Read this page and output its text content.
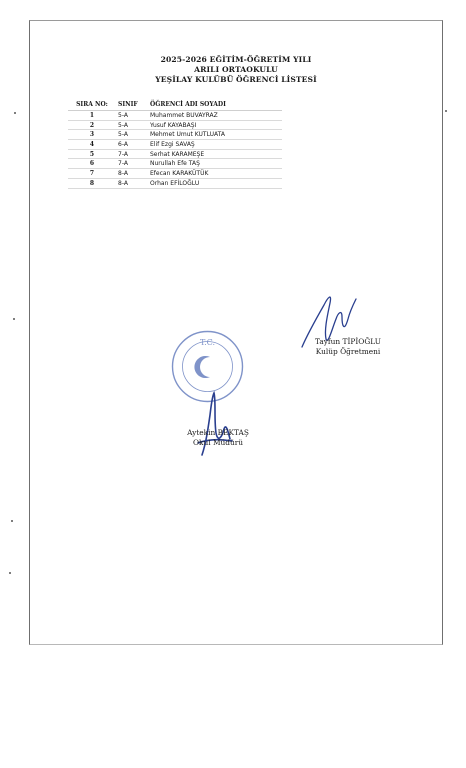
2025-2026 EĞİTİM-ÖĞRETİM YILI
ARILI ORTAOKULU
YEŞİLAY KULÜBÜ ÖĞRENCİ LİSTESİ
SIRA NO:	SINIF	ÖĞRENCİ ADI SOYADI
1	5-A	Muhammet BUVAYRAZ
2	5-A	Yusuf KAYABAŞI
3	5-A	Mehmet Umut KUTLUATA
4	6-A	Elif Ezgi SAVAŞ
5	7-A	Serhat KARAMEŞE
6	7-A	Nurullah Efe TAŞ
7	8-A	Efecan KARAKÜTÜK
8	8-A	Orhan EFİLOĞLU
Tayfun TİPİOĞLU
Kulüp Öğretmeni
T.C.
Aytekin BEKTAŞ
Okul Müdürü
